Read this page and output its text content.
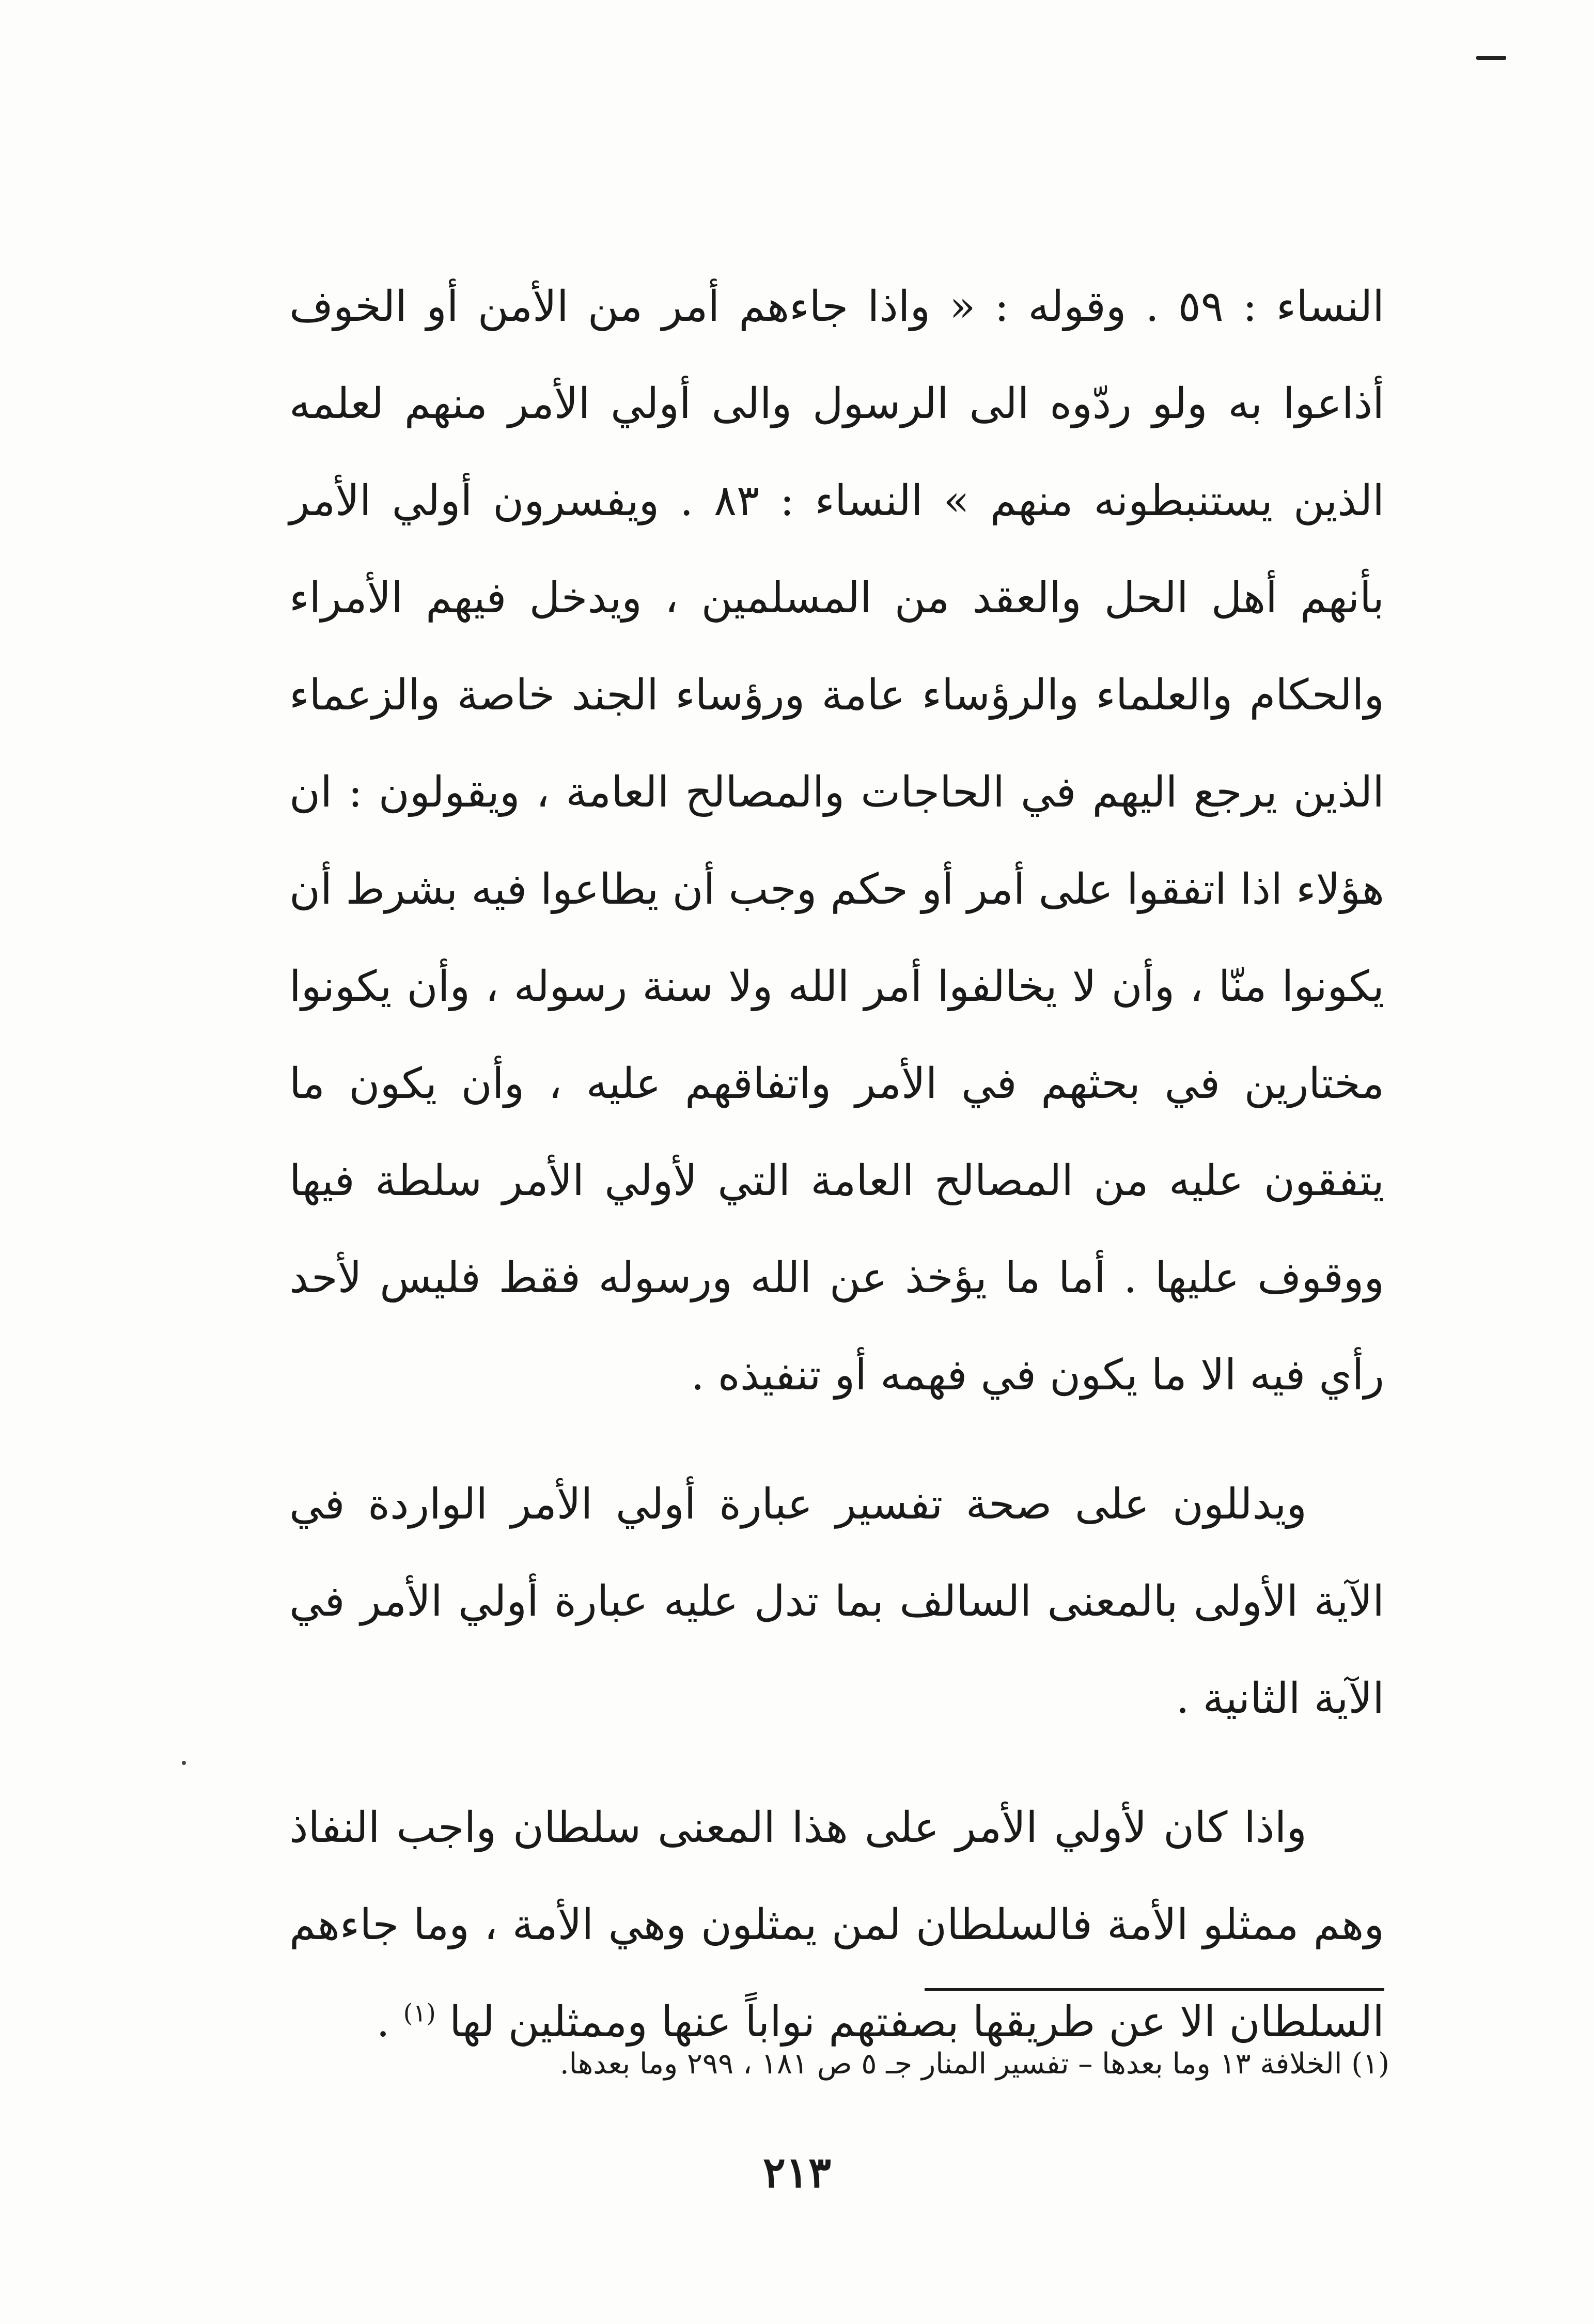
النساء : ٥٩ . وقوله : « واذا جاءهم أمر من الأمن أو الخوف أذاعوا به ولو ردّوه الى الرسول والى أولي الأمر منهم لعلمه الذين يستنبطونه منهم » النساء : ٨٣ . ويفسرون أولي الأمر بأنهم أهل الحل والعقد من المسلمين ، ويدخل فيهم الأمراء والحكام والعلماء والرؤساء عامة ورؤساء الجند خاصة والزعماء الذين يرجع اليهم في الحاجات والمصالح العامة ، ويقولون : ان هؤلاء اذا اتفقوا على أمر أو حكم وجب أن يطاعوا فيه بشرط أن يكونوا منّا ، وأن لا يخالفوا أمر الله ولا سنة رسوله ، وأن يكونوا مختارين في بحثهم في الأمر واتفاقهم عليه ، وأن يكون ما يتفقون عليه من المصالح العامة التي لأولي الأمر سلطة فيها ووقوف عليها . أما ما يؤخذ عن الله ورسوله فقط فليس لأحد رأي فيه الا ما يكون في فهمه أو تنفيذه .

ويدللون على صحة تفسير عبارة أولي الأمر الواردة في الآية الأولى بالمعنى السالف بما تدل عليه عبارة أولي الأمر في الآية الثانية .

واذا كان لأولي الأمر على هذا المعنى سلطان واجب النفاذ وهم ممثلو الأمة فالسلطان لمن يمثلون وهي الأمة ، وما جاءهم السلطان الا عن طريقها بصفتهم نواباً عنها وممثلين لها $^{(١)}$ .

(١) الخلافة ١٣ وما بعدها – تفسير المنار جـ ٥ ص ١٨١ ، ٢٩٩ وما بعدها.
٢١٣
